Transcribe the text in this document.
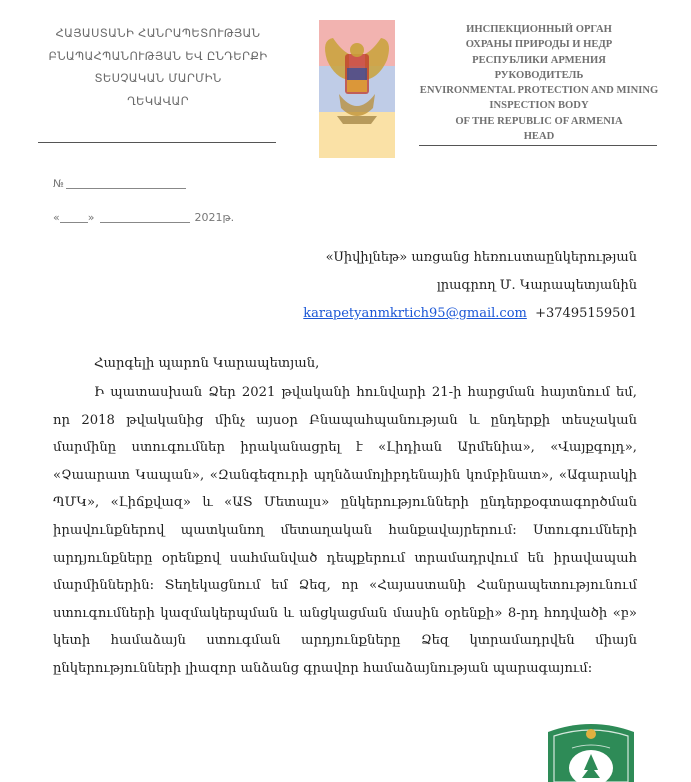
ՀԱՅԱՍՏԱՆԻ ՀԱՆՐԱՊԵՏՈՒԹՅԱՆ
ԲՆԱՊԱՀՊԱՆՈՒԹՅԱՆ ԵՎ ԸՆԴԵՐՔԻ
ՏԵՍՉԱԿԱՆ ՄԱՐՄԻՆ
ՂԵԿԱՎԱՐ
ИНСПЕКЦИОННЫЙ ОРГАН
ОХРАНЫ ПРИРОДЫ И НЕДР
РЕСПУБЛИКИ АРМЕНИЯ
РУКОВОДИТЕЛЬ
ENVIRONMENTAL PROTECTION AND MINING
INSPECTION BODY
OF THE REPUBLIC OF ARMENIA
HEAD
№
«	»	2021թ.
«Սիվիլնեթ» առցանց հեռուստաընկերության
լրագրող Մ․ Կարապետյանին
karapetyanmkrtich95@gmail.com +37495159501
Հարգելի պարոն Կարապետյան,
Ի պատասխան Ձեր 2021 թվականի հունվարի 21-ի հարցման հայտնում եմ, որ 2018 թվականից մինչ այսօր Բնապահպանության և ընդերքի տեսչական մարմինը ստուգումներ իրականացրել է «Լիդիան Արմենիա», «Վայքգոլդ», «Չաարատ Կապան», «Զանգեզուրի պղնձամոլիբդենային կոմբինատ», «Ագարակի ՊՄԿ», «Լիճքվազ» և «ԱՏ Մետալս» ընկերությունների ընդերքօգտագործման իրավունքներով պատկանող մետաղական հանքավայրերում։ Ստուգումների արդյունքները օրենքով սահմանված դեպքերում տրամադրվում են իրավապահ մարմիններին։ Տեղեկացնում եմ Ձեզ, որ «Հայաստանի Հանրապետությունում ստուգումների կազմակերպման և անցկացման մասին օրենքի» 8-րդ հոդվածի «բ» կետի համաձայն ստուգման արդյունքները Ձեզ կտրամադրվեն միայն ընկերությունների լիազոր անձանց գրավոր համաձայնության պարագայում։
